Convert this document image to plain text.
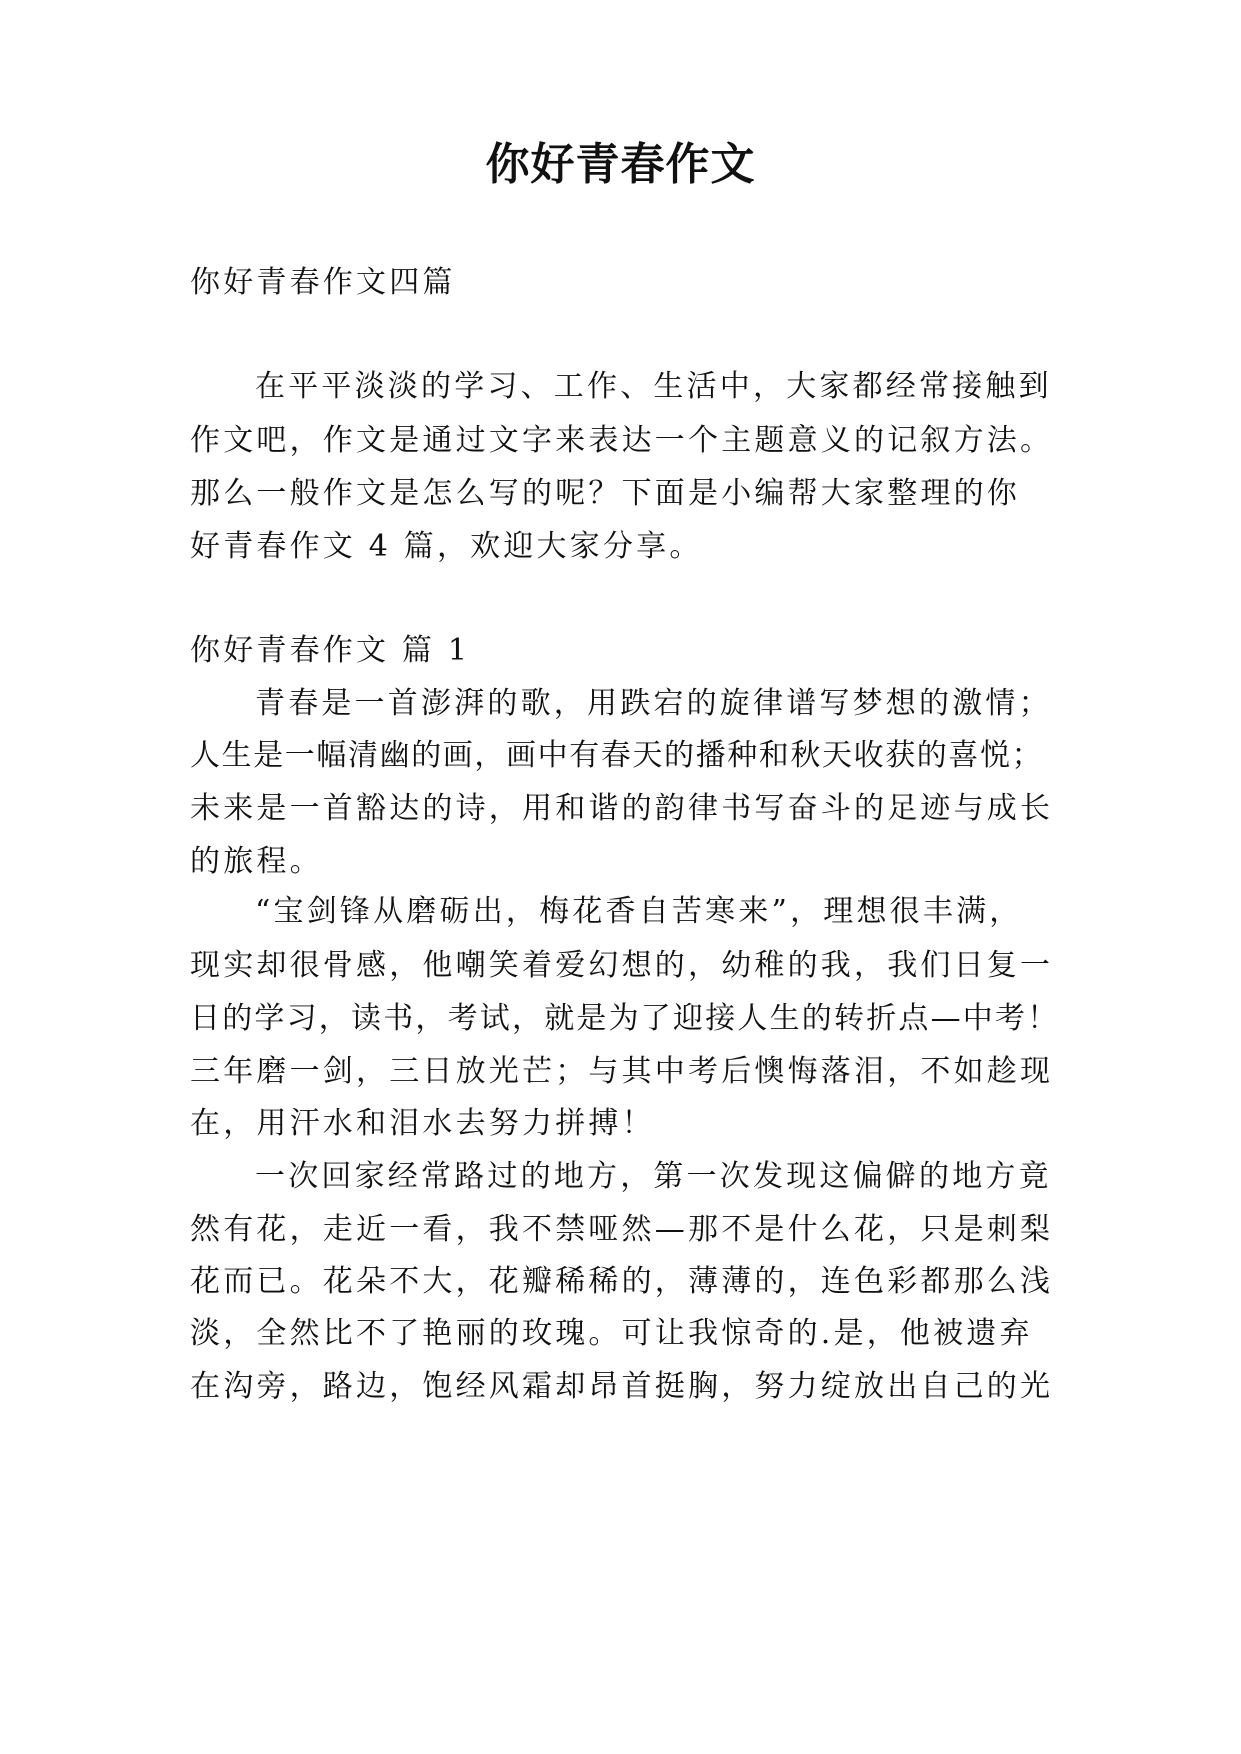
你好青春作文
你好青春作文四篇
在平平淡淡的学习、工作、生活中，大家都经常接触到
作文吧，作文是通过文字来表达一个主题意义的记叙方法。
那么一般作文是怎么写的呢？下面是小编帮大家整理的你
好青春作文 4 篇，欢迎大家分享。
你好青春作文 篇 1
青春是一首澎湃的歌，用跌宕的旋律谱写梦想的激情；
人生是一幅清幽的画，画中有春天的播种和秋天收获的喜悦；
未来是一首豁达的诗，用和谐的韵律书写奋斗的足迹与成长
的旅程。
“宝剑锋从磨砺出，梅花香自苦寒来”，理想很丰满，
现实却很骨感，他嘲笑着爱幻想的，幼稚的我，我们日复一
日的学习，读书，考试，就是为了迎接人生的转折点—中考！
三年磨一剑，三日放光芒；与其中考后懊悔落泪，不如趁现
在，用汗水和泪水去努力拼搏！
一次回家经常路过的地方，第一次发现这偏僻的地方竟
然有花，走近一看，我不禁哑然—那不是什么花，只是刺梨
花而已。花朵不大，花瓣稀稀的，薄薄的，连色彩都那么浅
淡，全然比不了艳丽的玫瑰。可让我惊奇的.是，他被遗弃
在沟旁，路边，饱经风霜却昂首挺胸，努力绽放出自己的光
